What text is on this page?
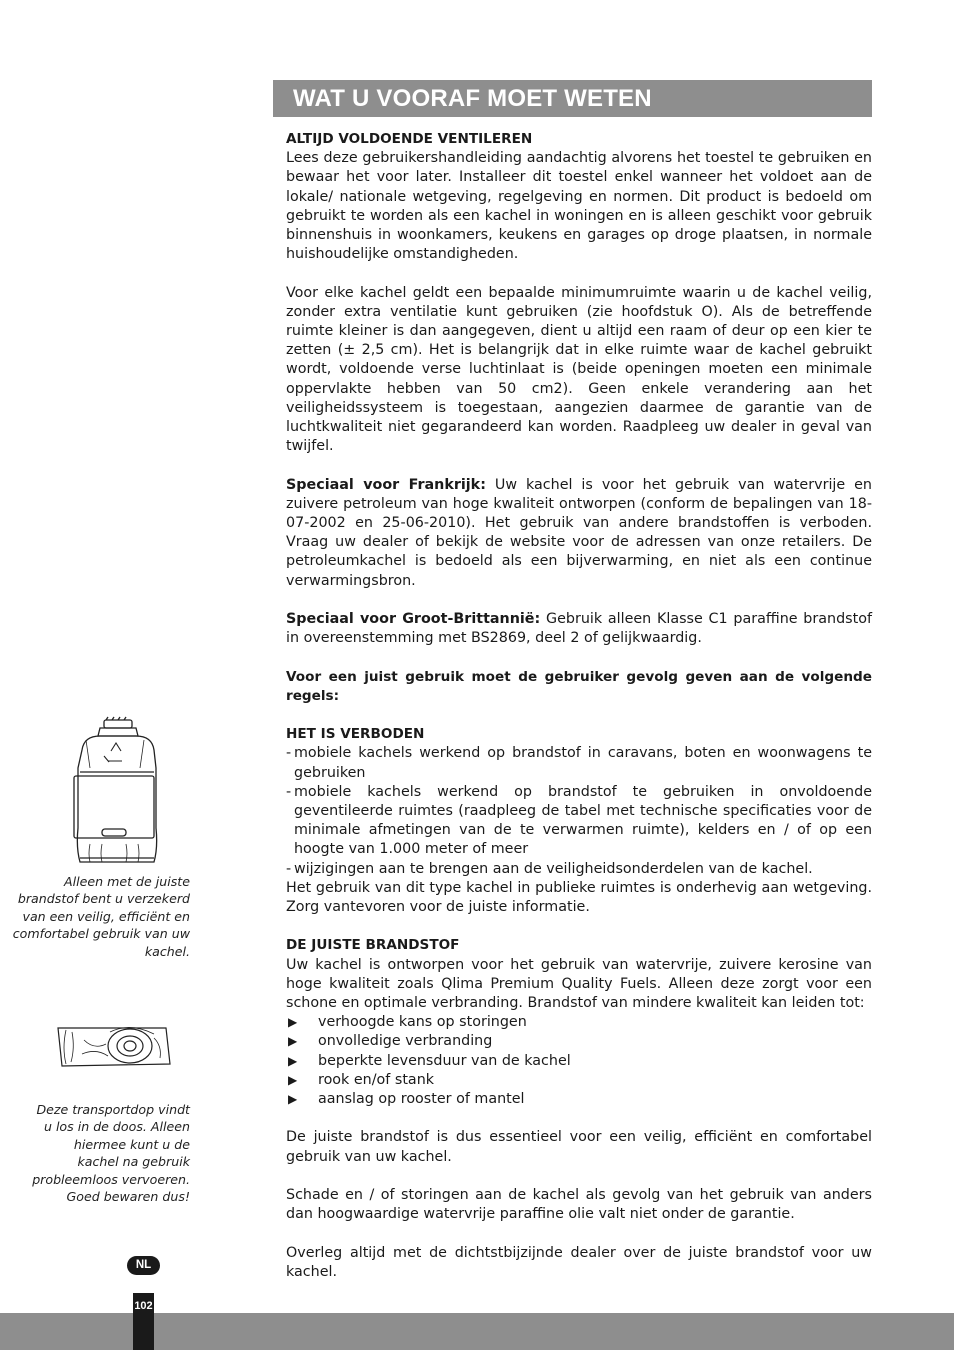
WAT U VOORAF MOET WETEN

ALTIJD VOLDOENDE VENTILEREN

Lees deze gebruikershandleiding aandachtig alvorens het toestel te gebruiken en bewaar het voor later. Installeer dit toestel enkel wanneer het voldoet aan de lokale/ nationale wetgeving, regelgeving en normen. Dit product is bedoeld om gebruikt te worden als een kachel in woningen en is alleen geschikt voor gebruik binnenshuis in woonkamers, keukens en garages op droge plaatsen, in normale huishoudelijke omstandigheden.

Voor elke kachel geldt een bepaalde minimumruimte waarin u de kachel veilig, zonder extra ventilatie kunt gebruiken (zie hoofdstuk O). Als de betreffende ruimte kleiner is dan aangegeven, dient u altijd een raam of deur op een kier te zetten (± 2,5 cm). Het is belangrijk dat in elke ruimte waar de kachel gebruikt wordt, voldoende verse luchtinlaat is (beide openingen moeten een minimale oppervlakte hebben van 50 cm2). Geen enkele verandering aan het veiligheidssysteem is toegestaan, aangezien daarmee de garantie van de luchtkwaliteit niet gegarandeerd kan worden. Raadpleeg uw dealer in geval van twijfel.

Speciaal voor Frankrijk: Uw kachel is voor het gebruik van watervrije en zuivere petroleum van hoge kwaliteit ontworpen (conform de bepalingen van 18-07-2002 en 25-06-2010). Het gebruik van andere brandstoffen is verboden. Vraag uw dealer of bekijk de website voor de adressen van onze retailers. De petroleumkachel is bedoeld als een bijverwarming, en niet als een continue verwarmingsbron.

Speciaal voor Groot-Brittannië: Gebruik alleen Klasse C1 paraffine brandstof in overeenstemming met BS2869, deel 2 of gelijkwaardig.

Voor een juist gebruik moet de gebruiker gevolg geven aan de volgende regels:

HET IS VERBODEN

- mobiele kachels werkend op brandstof in caravans, boten en woonwagens te gebruiken
- mobiele kachels werkend op brandstof te gebruiken in onvoldoende geventileerde ruimtes (raadpleeg de tabel met technische specificaties voor de minimale afmetingen van de te verwarmen ruimte), kelders en / of op een hoogte van 1.000 meter of meer
- wijzigingen aan te brengen aan de veiligheidsonderdelen van de kachel.

Het gebruik van dit type kachel in publieke ruimtes is onderhevig aan wetgeving. Zorg vantevoren voor de juiste informatie.

DE JUISTE BRANDSTOF

Uw kachel is ontworpen voor het gebruik van watervrije, zuivere kerosine van hoge kwaliteit zoals Qlima Premium Quality Fuels. Alleen deze zorgt voor een schone en optimale verbranding. Brandstof van mindere kwaliteit kan leiden tot:

▶ verhoogde kans op storingen
▶ onvolledige verbranding
▶ beperkte levensduur van de kachel
▶ rook en/of stank
▶ aanslag op rooster of mantel

De juiste brandstof is dus essentieel voor een veilig, efficiënt en comfortabel gebruik van uw kachel.

Schade en / of storingen aan de kachel als gevolg van het gebruik van anders dan hoogwaardige watervrije paraffine olie valt niet onder de garantie.

Overleg altijd met de dichtstbijzijnde dealer over de juiste brandstof voor uw kachel.

Alleen met de juiste brandstof bent u verzekerd van een veilig, efficiënt en comfortabel gebruik van uw kachel.
Deze transportdop vindt u los in de doos. Alleen hiermee kunt u de kachel na gebruik probleemloos vervoeren. Goed bewaren dus!
NL
102
